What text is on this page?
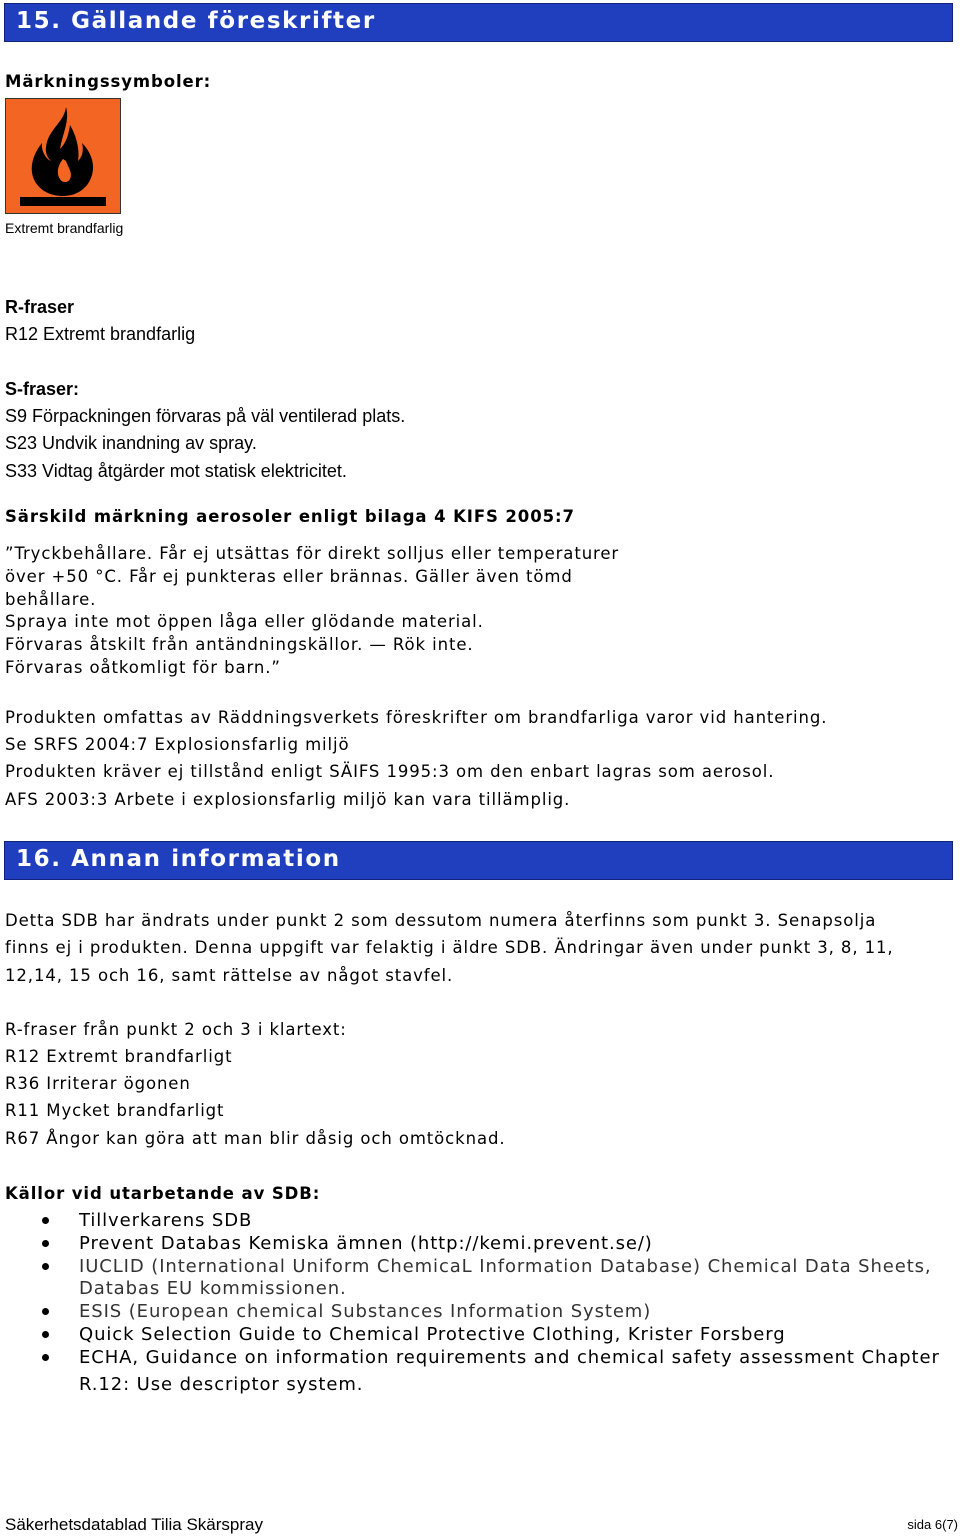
15. Gällande föreskrifter
Märkningssymboler:
Extremt brandfarlig
R-fraser
R12 Extremt brandfarlig
S-fraser:
S9 Förpackningen förvaras på väl ventilerad plats.
S23 Undvik inandning av spray.
S33 Vidtag åtgärder mot statisk elektricitet.
Särskild märkning aerosoler enligt bilaga 4 KIFS 2005:7
”Tryckbehållare. Får ej utsättas för direkt solljus eller temperaturer
över +50 °C. Får ej punkteras eller brännas. Gäller även tömd
behållare.
Spraya inte mot öppen låga eller glödande material.
Förvaras åtskilt från antändningskällor. — Rök inte.
Förvaras oåtkomligt för barn.”
Produkten omfattas av Räddningsverkets föreskrifter om brandfarliga varor vid hantering.
Se SRFS 2004:7 Explosionsfarlig miljö
Produkten kräver ej tillstånd enligt SÄIFS 1995:3 om den enbart lagras som aerosol.
AFS 2003:3 Arbete i explosionsfarlig miljö kan vara tillämplig.
16. Annan information
Detta SDB har ändrats under punkt 2 som dessutom numera återfinns som punkt 3. Senapsolja
finns ej i produkten. Denna uppgift var felaktig i äldre SDB. Ändringar även under punkt 3, 8, 11,
12,14, 15 och 16, samt rättelse av något stavfel.
R-fraser från punkt 2 och 3 i klartext:
R12 Extremt brandfarligt
R36 Irriterar ögonen
R11 Mycket brandfarligt
R67 Ångor kan göra att man blir dåsig och omtöcknad.
Källor vid utarbetande av SDB:
Tillverkarens SDB
Prevent Databas Kemiska ämnen (http://kemi.prevent.se/)
IUCLID (International Uniform ChemicaL Information Database) Chemical Data Sheets,
Databas EU kommissionen.
ESIS (European chemical Substances Information System)
Quick Selection Guide to Chemical Protective Clothing, Krister Forsberg
ECHA, Guidance on information requirements and chemical safety assessment Chapter
R.12: Use descriptor system.
Säkerhetsdatablad Tilia Skärspray	sida 6(7)
